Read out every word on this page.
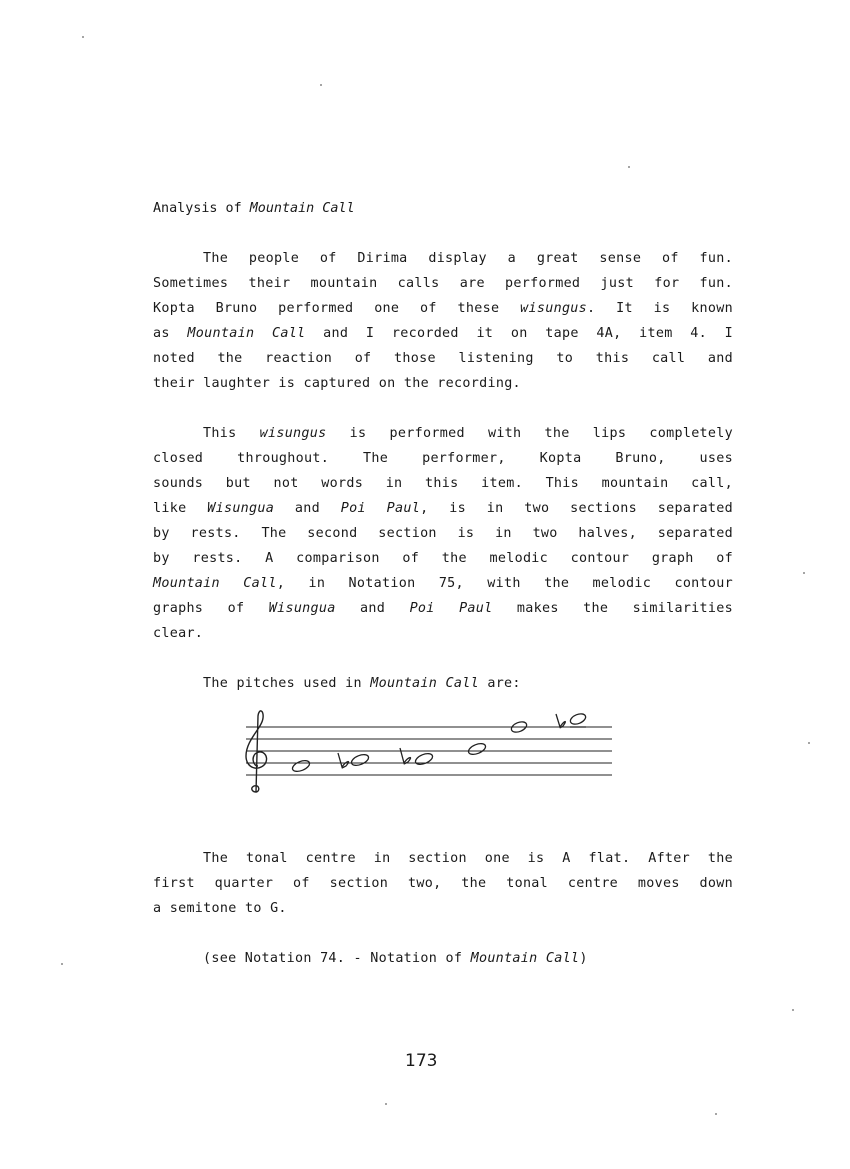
Analysis of Mountain Call
The people of Dirima display a great sense of fun.
Sometimes their mountain calls are performed just for fun.
Kopta Bruno performed one of these wisungus. It is known
as Mountain Call and I recorded it on tape 4A, item 4. I
noted the reaction of those listening to this call and
their laughter is captured on the recording.
This wisungus is performed with the lips completely
closed throughout. The performer, Kopta Bruno, uses
sounds but not words in this item. This mountain call,
like Wisungua and Poi Paul, is in two sections separated
by rests. The second section is in two halves, separated
by rests. A comparison of the melodic contour graph of
Mountain Call, in Notation 75, with the melodic contour
graphs of Wisungua and Poi Paul makes the similarities
clear.
The pitches used in Mountain Call are:
The tonal centre in section one is A flat. After the
first quarter of section two, the tonal centre moves down
a semitone to G.
(see Notation 74. - Notation of Mountain Call)
173
